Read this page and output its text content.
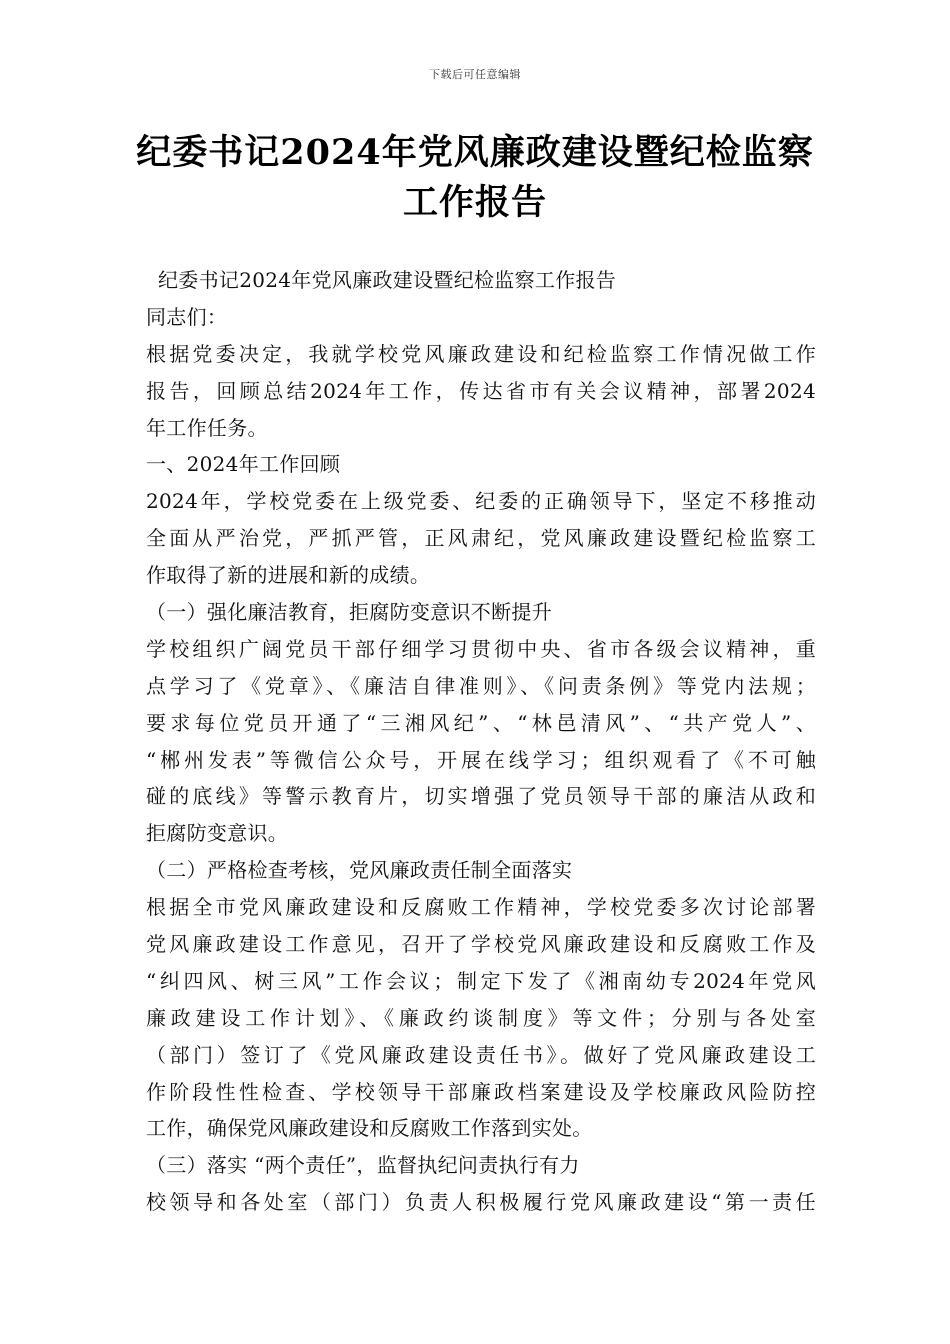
下载后可任意编辑
纪委书记2024年党风廉政建设暨纪检监察
工作报告
纪委书记2024年党风廉政建设暨纪检监察工作报告
同志们：
根据党委决定，我就学校党风廉政建设和纪检监察工作情况做工作
报告，回顾总结2024年工作，传达省市有关会议精神，部署2024
年工作任务。
一、2024年工作回顾
2024年，学校党委在上级党委、纪委的正确领导下，坚定不移推动
全面从严治党，严抓严管，正风肃纪，党风廉政建设暨纪检监察工
作取得了新的进展和新的成绩。
（一）强化廉洁教育，拒腐防变意识不断提升
学校组织广阔党员干部仔细学习贯彻中央、省市各级会议精神，重
点学习了《党章》、《廉洁自律准则》、《问责条例》等党内法规；
要求每位党员开通了“三湘风纪”、“林邑清风”、“共产党人”、
“郴州发表”等微信公众号，开展在线学习；组织观看了《不可触
碰的底线》等警示教育片，切实增强了党员领导干部的廉洁从政和
拒腐防变意识。
（二）严格检查考核，党风廉政责任制全面落实
根据全市党风廉政建设和反腐败工作精神，学校党委多次讨论部署
党风廉政建设工作意见，召开了学校党风廉政建设和反腐败工作及
“纠四风、树三风”工作会议；制定下发了《湘南幼专2024年党风
廉政建设工作计划》、《廉政约谈制度》等文件；分别与各处室
（部门）签订了《党风廉政建设责任书》。做好了党风廉政建设工
作阶段性性检查、学校领导干部廉政档案建设及学校廉政风险防控
工作，确保党风廉政建设和反腐败工作落到实处。
（三）落实 “两个责任”，监督执纪问责执行有力
校领导和各处室（部门）负责人积极履行党风廉政建设“第一责任
